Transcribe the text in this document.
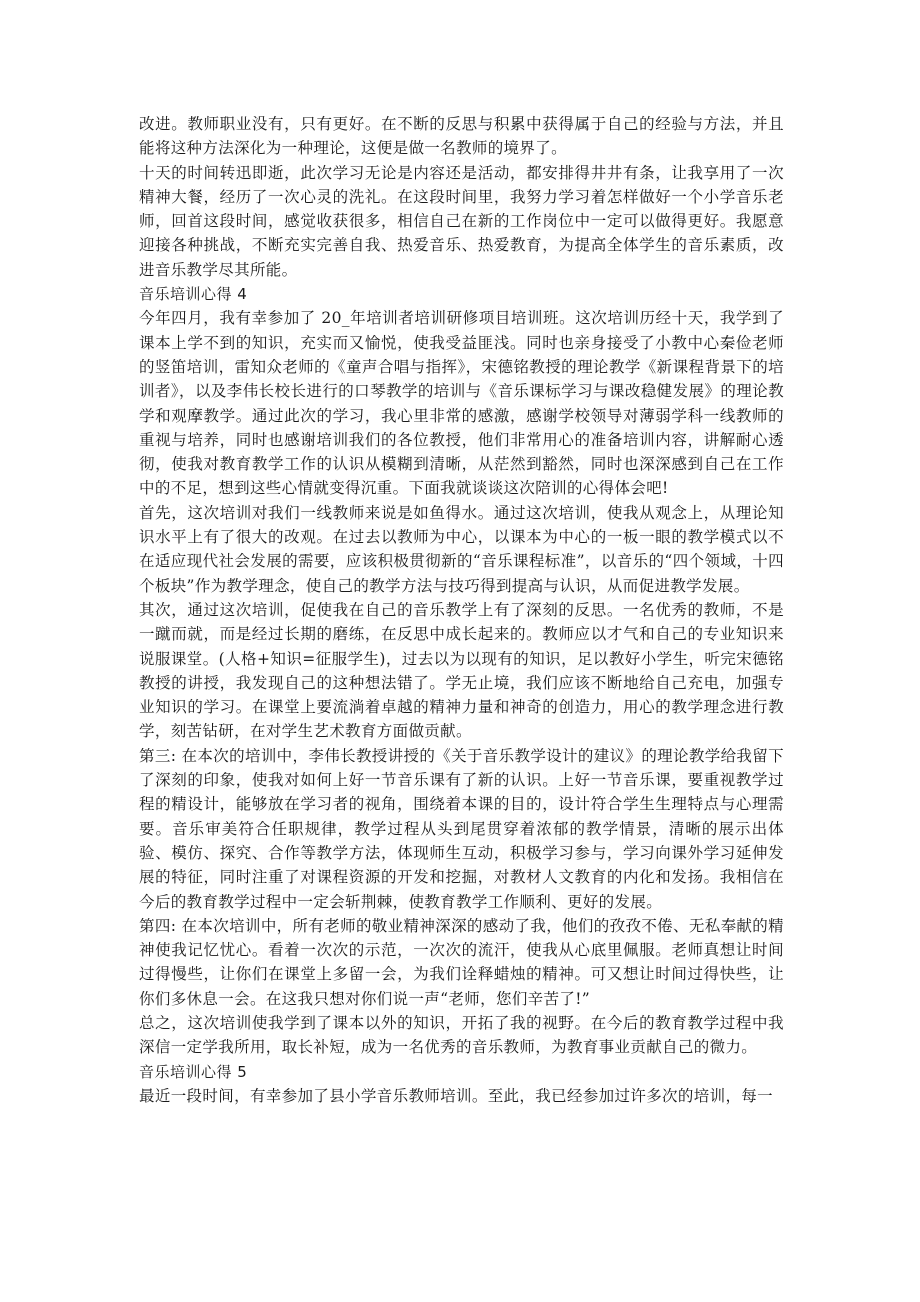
改进。教师职业没有，只有更好。在不断的反思与积累中获得属于自己的经验与方法，并且能将这种方法深化为一种理论，这便是做一名教师的境界了。

十天的时间转迅即逝，此次学习无论是内容还是活动，都安排得井井有条，让我享用了一次精神大餐，经历了一次心灵的洗礼。在这段时间里，我努力学习着怎样做好一个小学音乐老师，回首这段时间，感觉收获很多，相信自己在新的工作岗位中一定可以做得更好。我愿意迎接各种挑战，不断充实完善自我、热爱音乐、热爱教育，为提高全体学生的音乐素质，改进音乐教学尽其所能。

音乐培训心得 4

今年四月，我有幸参加了 20_年培训者培训研修项目培训班。这次培训历经十天，我学到了课本上学不到的知识，充实而又愉悦，使我受益匪浅。同时也亲身接受了小教中心秦俭老师的竖笛培训，雷知众老师的《童声合唱与指挥》，宋德铭教授的理论教学《新课程背景下的培训者》，以及李伟长校长进行的口琴教学的培训与《音乐课标学习与课改稳健发展》的理论教学和观摩教学。通过此次的学习，我心里非常的感激，感谢学校领导对薄弱学科一线教师的重视与培养，同时也感谢培训我们的各位教授，他们非常用心的准备培训内容，讲解耐心透彻，使我对教育教学工作的认识从模糊到清晰，从茫然到豁然，同时也深深感到自己在工作中的不足，想到这些心情就变得沉重。下面我就谈谈这次陪训的心得体会吧!

首先，这次培训对我们一线教师来说是如鱼得水。通过这次培训，使我从观念上，从理论知识水平上有了很大的改观。在过去以教师为中心，以课本为中心的一板一眼的教学模式以不在适应现代社会发展的需要，应该积极贯彻新的“音乐课程标准”，以音乐的“四个领域，十四个板块”作为教学理念，使自己的教学方法与技巧得到提高与认识，从而促进教学发展。

其次，通过这次培训，促使我在自己的音乐教学上有了深刻的反思。一名优秀的教师，不是一蹴而就，而是经过长期的磨练，在反思中成长起来的。教师应以才气和自己的专业知识来说服课堂。(人格+知识=征服学生)，过去以为以现有的知识，足以教好小学生，听完宋德铭教授的讲授，我发现自己的这种想法错了。学无止境，我们应该不断地给自己充电，加强专业知识的学习。在课堂上要流淌着卓越的精神力量和神奇的创造力，用心的教学理念进行教学，刻苦钻研，在对学生艺术教育方面做贡献。

第三: 在本次的培训中，李伟长教授讲授的《关于音乐教学设计的建议》的理论教学给我留下了深刻的印象，使我对如何上好一节音乐课有了新的认识。上好一节音乐课，要重视教学过程的精设计，能够放在学习者的视角，围绕着本课的目的，设计符合学生生理特点与心理需要。音乐审美符合任职规律，教学过程从头到尾贯穿着浓郁的教学情景，清晰的展示出体验、模仿、探究、合作等教学方法，体现师生互动，积极学习参与，学习向课外学习延伸发展的特征，同时注重了对课程资源的开发和挖掘，对教材人文教育的内化和发扬。我相信在今后的教育教学过程中一定会斩荆棘，使教育教学工作顺利、更好的发展。

第四: 在本次培训中，所有老师的敬业精神深深的感动了我，他们的孜孜不倦、无私奉献的精神使我记忆忧心。看着一次次的示范，一次次的流汗，使我从心底里佩服。老师真想让时间过得慢些，让你们在课堂上多留一会，为我们诠释蜡烛的精神。可又想让时间过得快些，让你们多休息一会。在这我只想对你们说一声“老师，您们辛苦了!”

总之，这次培训使我学到了课本以外的知识，开拓了我的视野。在今后的教育教学过程中我深信一定学我所用，取长补短，成为一名优秀的音乐教师，为教育事业贡献自己的微力。

音乐培训心得 5

最近一段时间，有幸参加了县小学音乐教师培训。至此，我已经参加过许多次的培训，每一
